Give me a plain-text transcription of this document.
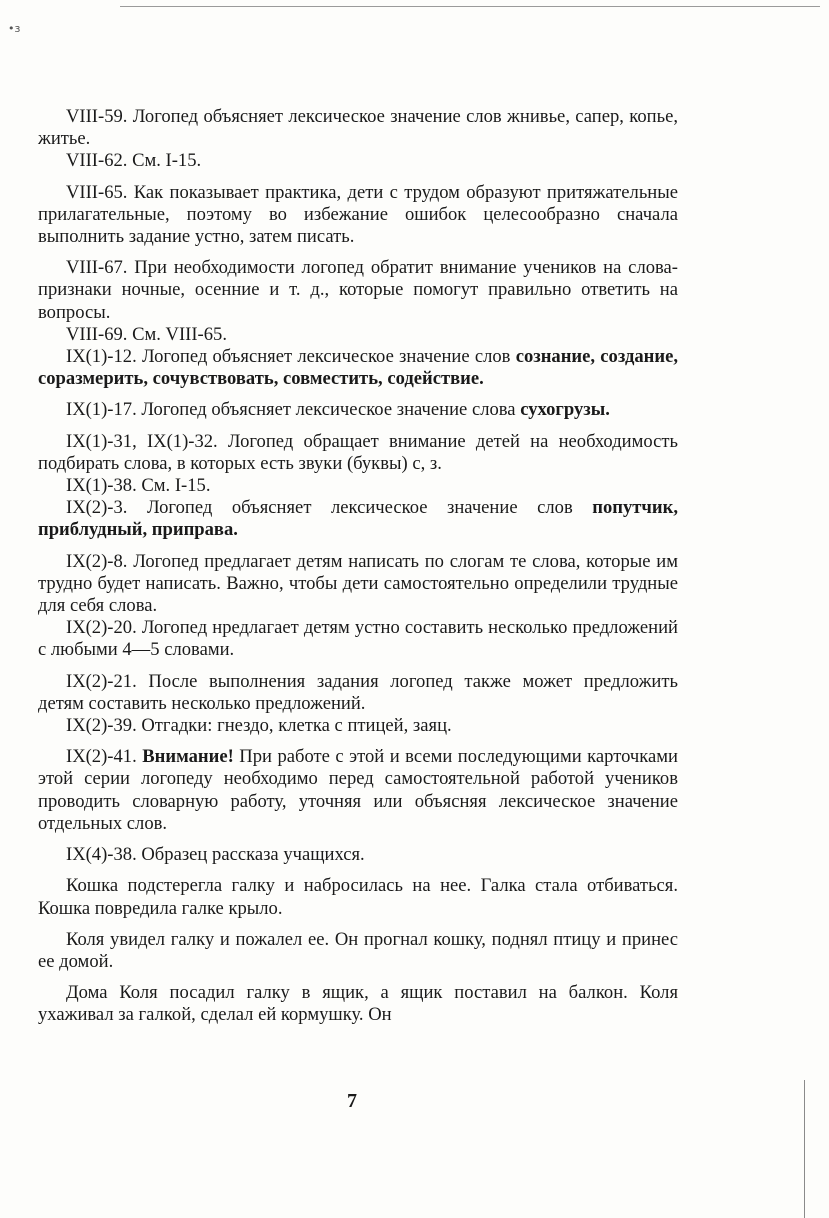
•з

VIII-59. Логопед объясняет лексическое значение слов жнивье, сапер, копье, житье.

VIII-62. См. I-15.

VIII-65. Как показывает практика, дети с трудом образуют притяжательные прилагательные, поэтому во избежание ошибок целесообразно сначала выполнить задание устно, затем писать.

VIII-67. При необходимости логопед обратит внимание учеников на слова-признаки ночные, осенние и т. д., которые помогут правильно ответить на вопросы.

VIII-69. См. VIII-65.

IX(1)-12. Логопед объясняет лексическое значение слов сознание, создание, соразмерить, сочувствовать, совместить, содействие.

IX(1)-17. Логопед объясняет лексическое значение слова сухогрузы.

IX(1)-31, IX(1)-32. Логопед обращает внимание детей на необходимость подбирать слова, в которых есть звуки (буквы) с, з.

IX(1)-38. См. I-15.

IX(2)-3. Логопед объясняет лексическое значение слов попутчик, приблудный, приправа.

IX(2)-8. Логопед предлагает детям написать по слогам те слова, которые им трудно будет написать. Важно, чтобы дети самостоятельно определили трудные для себя слова.

IX(2)-20. Логопед нредлагает детям устно составить несколько предложений с любыми 4—5 словами.

IX(2)-21. После выполнения задания логопед также может предложить детям составить несколько предложений.

IX(2)-39. Отгадки: гнездо, клетка с птицей, заяц.

IX(2)-41. Внимание! При работе с этой и всеми последующими карточками этой серии логопеду необходимо перед самостоятельной работой учеников проводить словарную работу, уточняя или объясняя лексическое значение отдельных слов.

IX(4)-38. Образец рассказа учащихся.

Кошка подстерегла галку и набросилась на нее. Галка стала отбиваться. Кошка повредила галке крыло.

Коля увидел галку и пожалел ее. Он прогнал кошку, поднял птицу и принес ее домой.

Дома Коля посадил галку в ящик, а ящик поставил на балкон. Коля ухаживал за галкой, сделал ей кормушку. Он

7
